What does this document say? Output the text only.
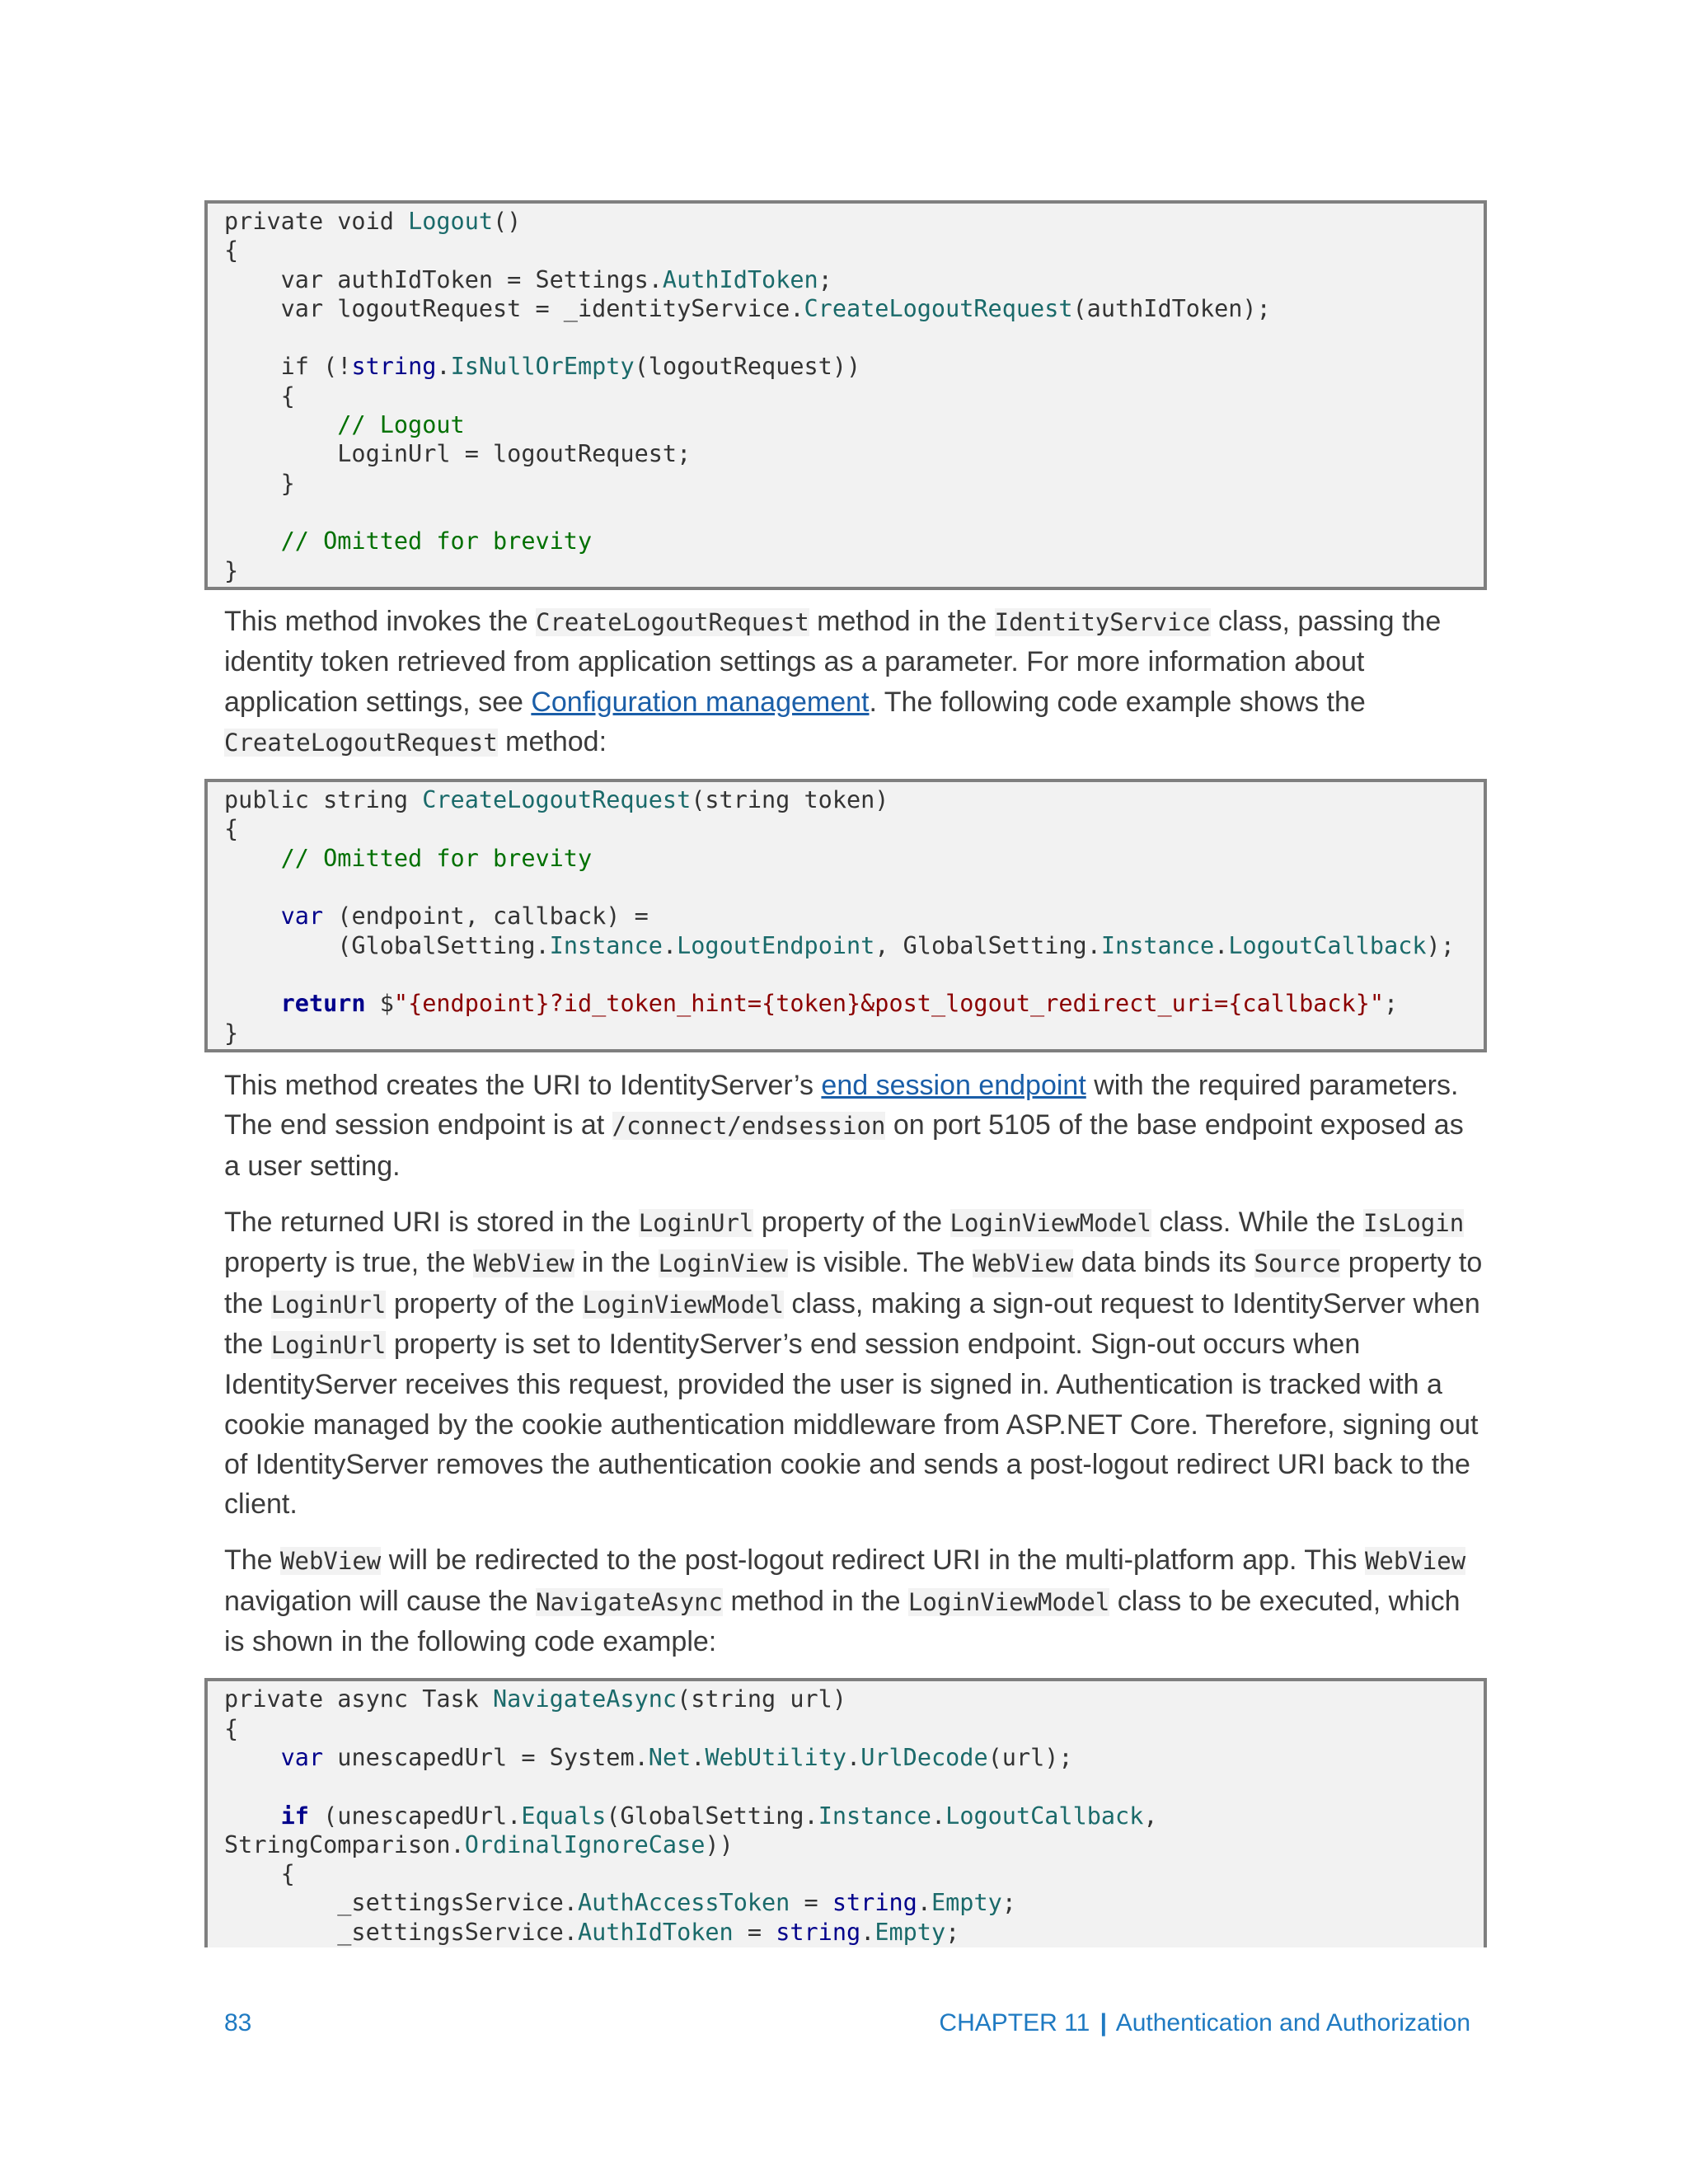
private void Logout()
{
var authIdToken = Settings.AuthIdToken;
var logoutRequest = _identityService.CreateLogoutRequest(authIdToken);
if (!string.IsNullOrEmpty(logoutRequest))
{
// Logout
LoginUrl = logoutRequest;
}
// Omitted for brevity
}

This method invokes the CreateLogoutRequest method in the IdentityService class, passing the identity token retrieved from application settings as a parameter. For more information about application settings, see Configuration management. The following code example shows the CreateLogoutRequest method:

public string CreateLogoutRequest(string token)
{
// Omitted for brevity
var (endpoint, callback) =
(GlobalSetting.Instance.LogoutEndpoint, GlobalSetting.Instance.LogoutCallback);
return $"{endpoint}?id_token_hint={token}&post_logout_redirect_uri={callback}";
}

This method creates the URI to IdentityServer’s end session endpoint with the required parameters. The end session endpoint is at /connect/endsession on port 5105 of the base endpoint exposed as a user setting.

The returned URI is stored in the LoginUrl property of the LoginViewModel class. While the IsLogin property is true, the WebView in the LoginView is visible. The WebView data binds its Source property to the LoginUrl property of the LoginViewModel class, making a sign-out request to IdentityServer when the LoginUrl property is set to IdentityServer’s end session endpoint. Sign-out occurs when IdentityServer receives this request, provided the user is signed in. Authentication is tracked with a cookie managed by the cookie authentication middleware from ASP.NET Core. Therefore, signing out of IdentityServer removes the authentication cookie and sends a post-logout redirect URI back to the client.

The WebView will be redirected to the post-logout redirect URI in the multi-platform app. This WebView navigation will cause the NavigateAsync method in the LoginViewModel class to be executed, which is shown in the following code example:

private async Task NavigateAsync(string url)
{
var unescapedUrl = System.Net.WebUtility.UrlDecode(url);
if (unescapedUrl.Equals(GlobalSetting.Instance.LogoutCallback,
StringComparison.OrdinalIgnoreCase))
{
_settingsService.AuthAccessToken = string.Empty;
_settingsService.AuthIdToken = string.Empty;
83	CHAPTER 11 | Authentication and Authorization
